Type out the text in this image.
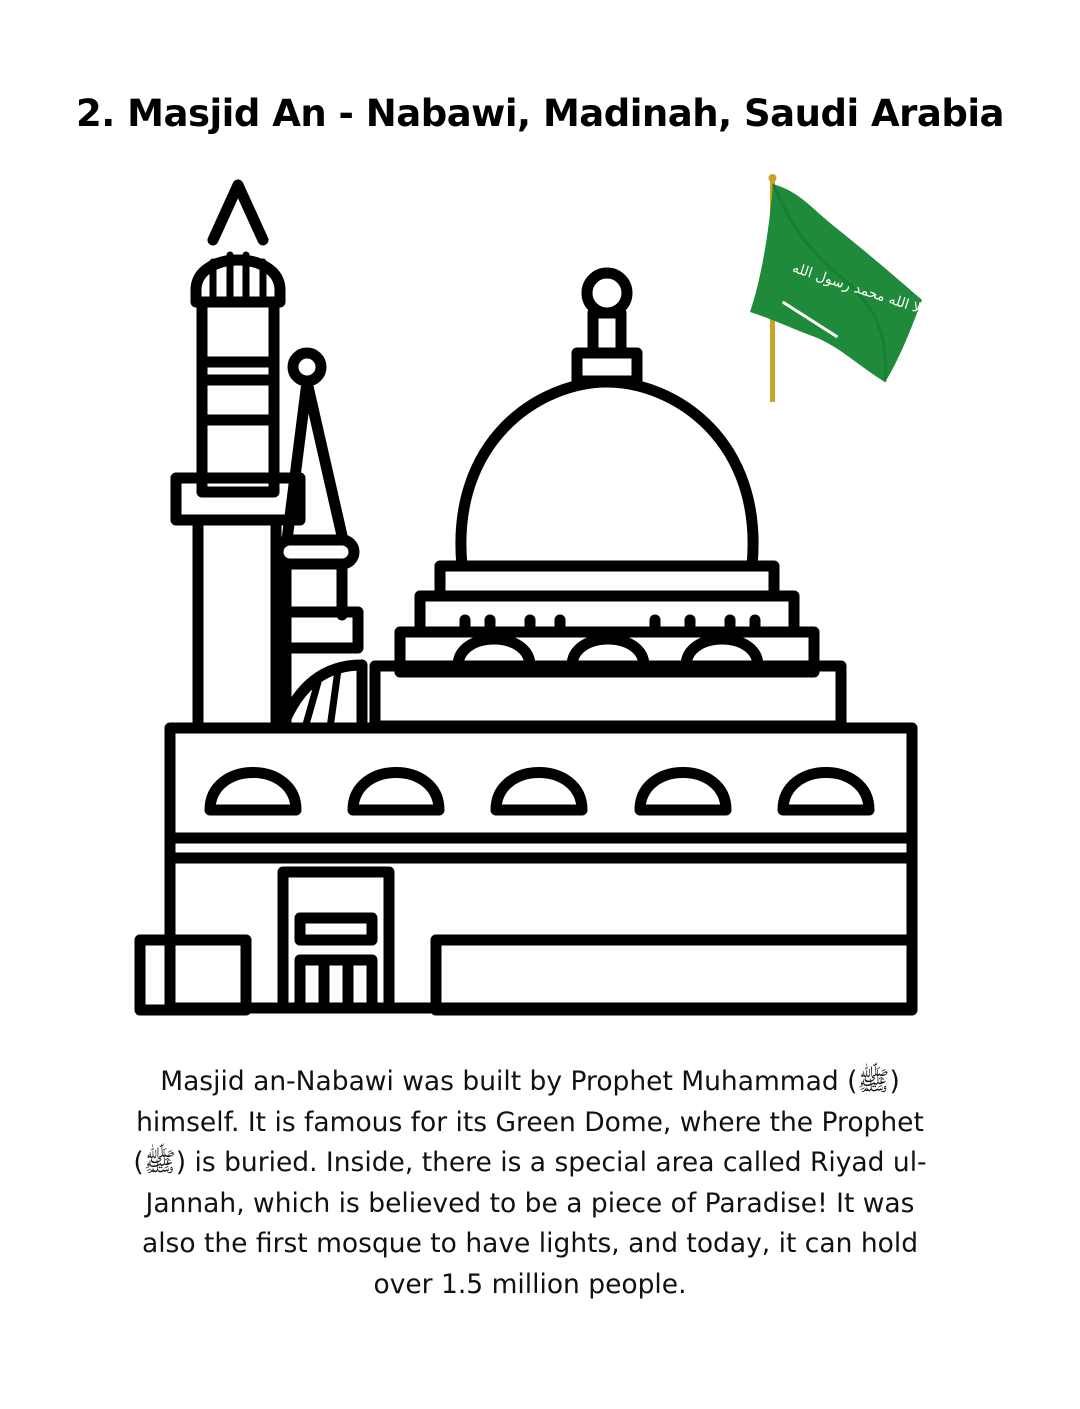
2. Masjid An - Nabawi, Madinah, Saudi Arabia
لا إله إلا الله محمد رسول الله
Masjid an-Nabawi was built by Prophet Muhammad (ﷺ)
himself. It is famous for its Green Dome, where the Prophet
(ﷺ) is buried. Inside, there is a special area called Riyad ul-
Jannah, which is believed to be a piece of Paradise! It was
also the first mosque to have lights, and today, it can hold
over 1.5 million people.
